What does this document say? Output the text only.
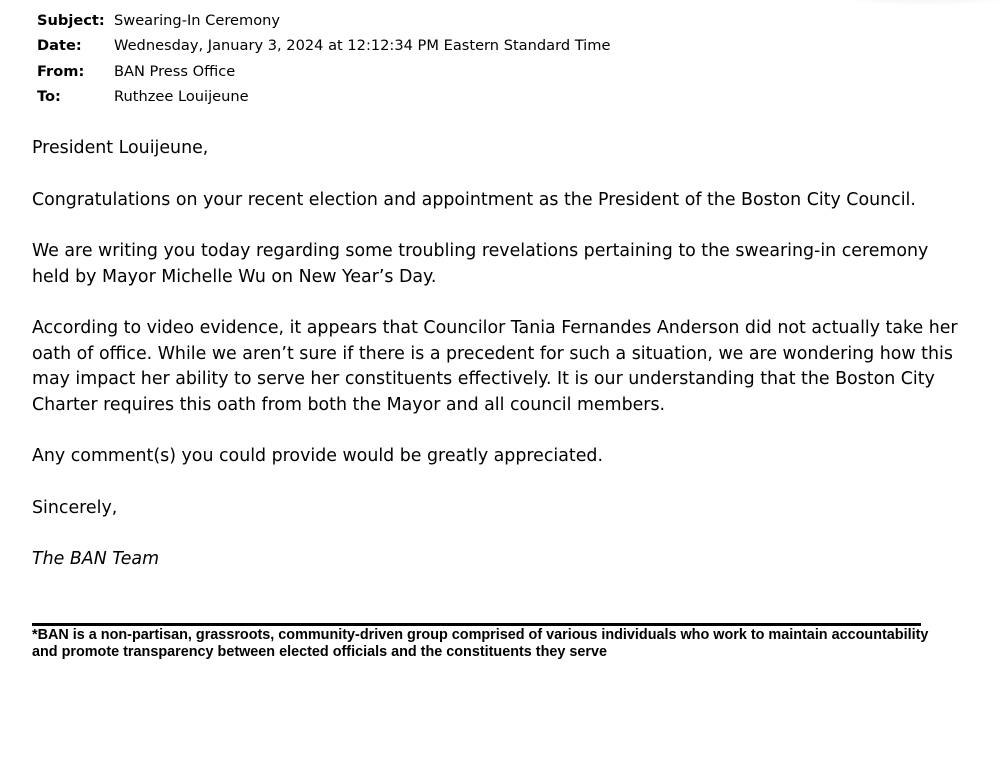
Subject: Swearing-In Ceremony
Date:	Wednesday, January 3, 2024 at 12:12:34 PM Eastern Standard Time
From:	BAN Press Office
To:	Ruthzee Louijeune

President Louijeune,

Congratulations on your recent election and appointment as the President of the Boston City Council.

We are writing you today regarding some troubling revelations pertaining to the swearing-in ceremony held by Mayor Michelle Wu on New Year’s Day.

According to video evidence, it appears that Councilor Tania Fernandes Anderson did not actually take her oath of office. While we aren’t sure if there is a precedent for such a situation, we are wondering how this may impact her ability to serve her constituents effectively. It is our understanding that the Boston City Charter requires this oath from both the Mayor and all council members.

Any comment(s) you could provide would be greatly appreciated.

Sincerely,

The BAN Team

*BAN is a non-partisan, grassroots, community-driven group comprised of various individuals who work to maintain accountability and promote transparency between elected officials and the constituents they serve
